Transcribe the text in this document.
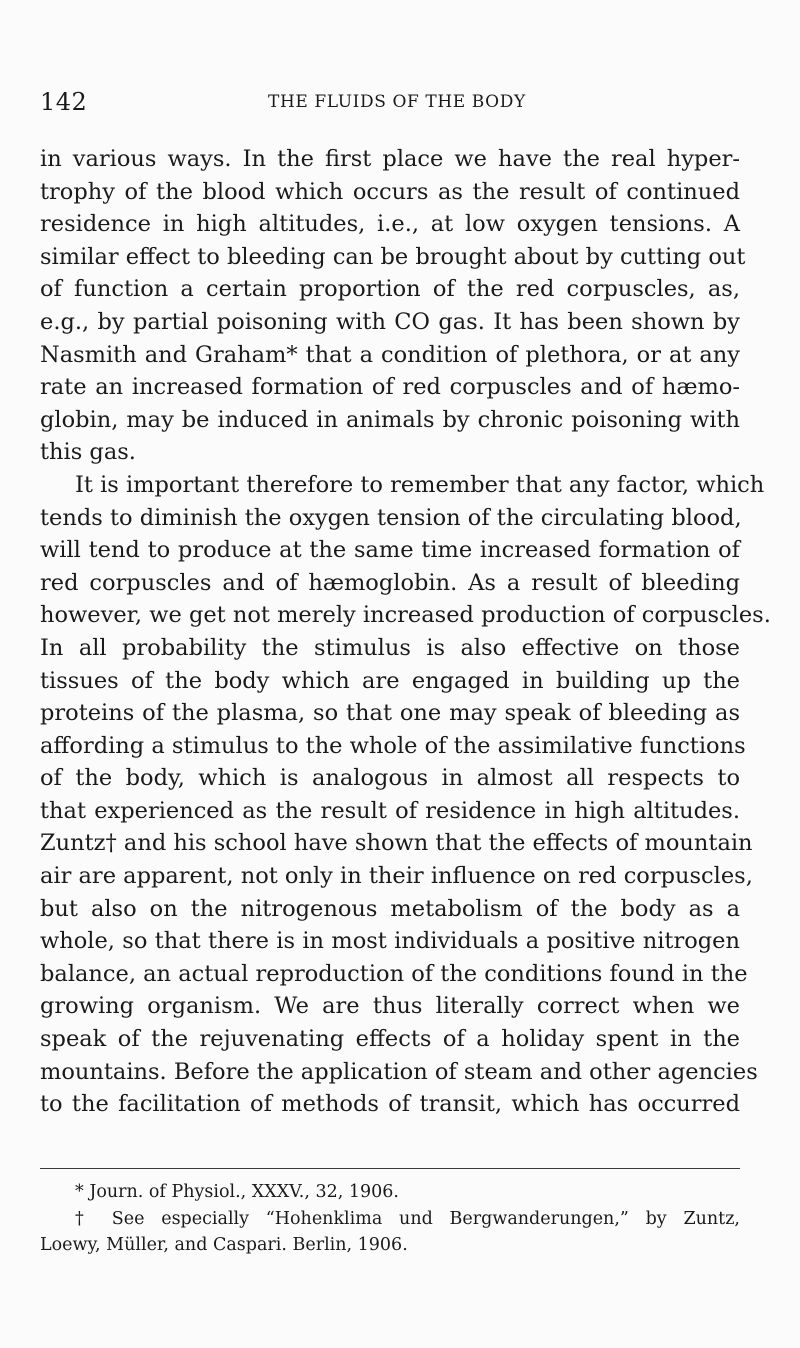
142	THE FLUIDS OF THE BODY
in various ways. In the first place we have the real hyper-
trophy of the blood which occurs as the result of continued
residence in high altitudes, i.e., at low oxygen tensions. A
similar effect to bleeding can be brought about by cutting out
of function a certain proportion of the red corpuscles, as,
e.g., by partial poisoning with CO gas. It has been shown by
Nasmith and Graham* that a condition of plethora, or at any
rate an increased formation of red corpuscles and of hæmo-
globin, may be induced in animals by chronic poisoning with
this gas.
It is important therefore to remember that any factor, which
tends to diminish the oxygen tension of the circulating blood,
will tend to produce at the same time increased formation of
red corpuscles and of hæmoglobin. As a result of bleeding
however, we get not merely increased production of corpuscles.
In all probability the stimulus is also effective on those
tissues of the body which are engaged in building up the
proteins of the plasma, so that one may speak of bleeding as
affording a stimulus to the whole of the assimilative functions
of the body, which is analogous in almost all respects to
that experienced as the result of residence in high altitudes.
Zuntz† and his school have shown that the effects of mountain
air are apparent, not only in their influence on red corpuscles,
but also on the nitrogenous metabolism of the body as a
whole, so that there is in most individuals a positive nitrogen
balance, an actual reproduction of the conditions found in the
growing organism. We are thus literally correct when we
speak of the rejuvenating effects of a holiday spent in the
mountains. Before the application of steam and other agencies
to the facilitation of methods of transit, which has occurred
* Journ. of Physiol., XXXV., 32, 1906.
† See especially “Hohenklima und Bergwanderungen,” by Zuntz,
Loewy, Müller, and Caspari. Berlin, 1906.
